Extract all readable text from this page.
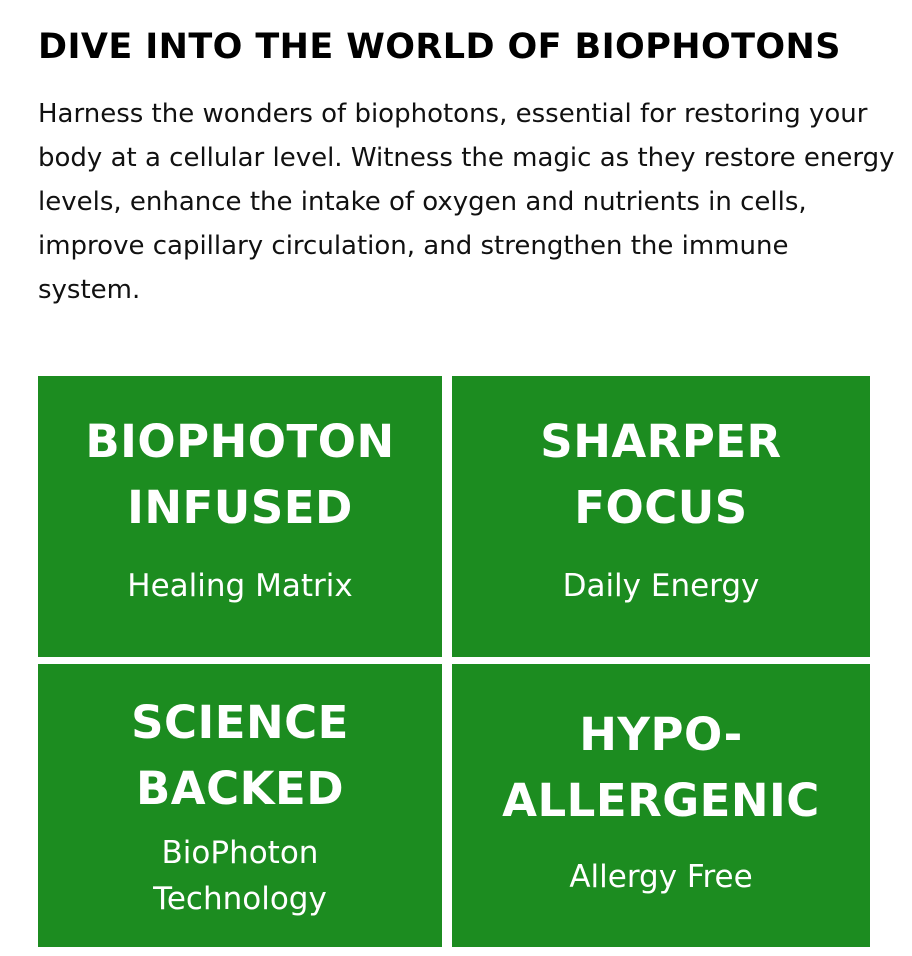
DIVE INTO THE WORLD OF BIOPHOTONS

Harness the wonders of biophotons, essential for restoring your body at a cellular level. Witness the magic as they restore energy levels, enhance the intake of oxygen and nutrients in cells, improve capillary circulation, and strengthen the immune system.

BIOPHOTON
INFUSED
Healing Matrix
SHARPER
FOCUS
Daily Energy
SCIENCE
BACKED
BioPhoton
Technology
HYPO-
ALLERGENIC
Allergy Free
